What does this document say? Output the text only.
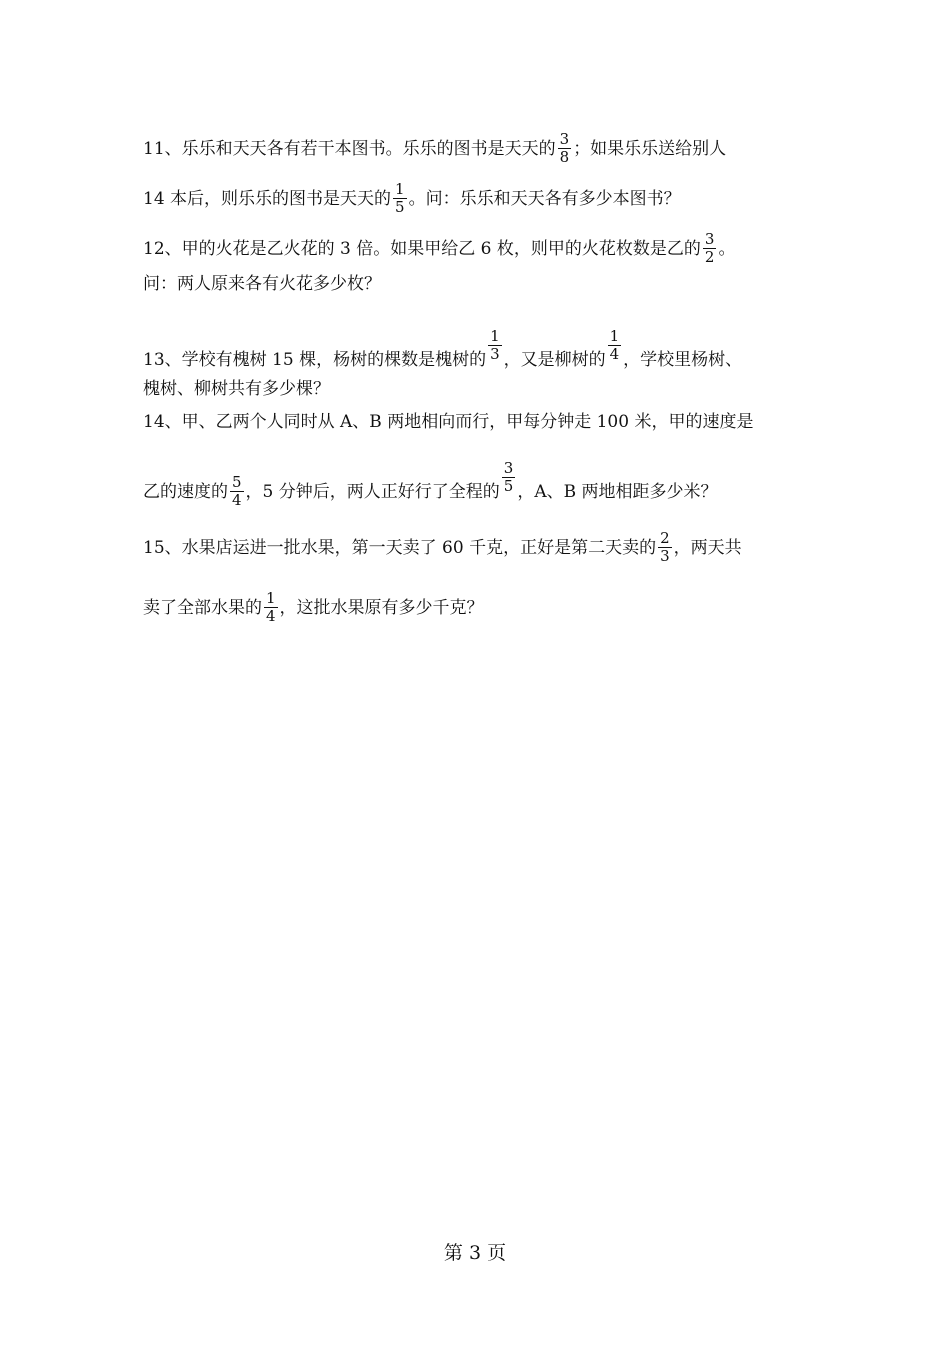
11、乐乐和天天各有若干本图书。乐乐的图书是天天的 $\frac{3}{8}$ ；如果乐乐送给别人
14 本后，则乐乐的图书是天天的 $\frac{1}{5}$ 。问：乐乐和天天各有多少本图书？
12、甲的火花是乙火花的 3 倍。如果甲给乙 6 枚，则甲的火花枚数是乙的 $\frac{3}{2}$ 。
问：两人原来各有火花多少枚？
13、学校有槐树 15 棵，杨树的棵数是槐树的 $\frac{1}{3}$ ，又是柳树的 $\frac{1}{4}$ ，学校里杨树、
槐树、柳树共有多少棵？
14、甲、乙两个人同时从 A、B 两地相向而行，甲每分钟走 100 米，甲的速度是
乙的速度的 $\frac{5}{4}$ ，5 分钟后，两人正好行了全程的 $\frac{3}{5}$ ，A、B 两地相距多少米？
15、水果店运进一批水果，第一天卖了 60 千克，正好是第二天卖的 $\frac{2}{3}$ ，两天共
卖了全部水果的 $\frac{1}{4}$ ，这批水果原有多少千克？
第 3 页
